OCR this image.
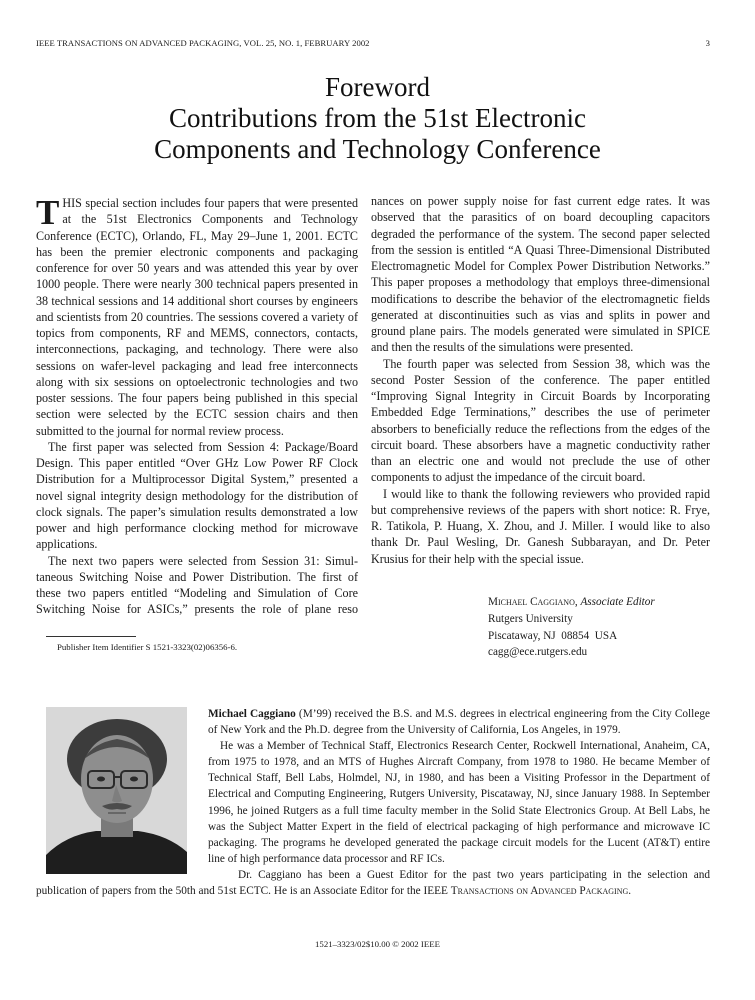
IEEE TRANSACTIONS ON ADVANCED PACKAGING, VOL. 25, NO. 1, FEBRUARY 2002	3
Foreword
Contributions from the 51st Electronic
Components and Technology Conference

THIS special section includes four papers that were presented at the 51st Electronics Components and Technology Conference (ECTC), Orlando, FL, May 29–June 1, 2001. ECTC has been the premier electronic components and packaging conference for over 50 years and was attended this year by over 1000 people. There were nearly 300 technical papers presented in 38 technical sessions and 14 additional short courses by engineers and scientists from 20 countries. The sessions covered a variety of topics from components, RF and MEMS, connectors, contacts, interconnections, packaging, and technology. There were also sessions on wafer-level packaging and lead free interconnects along with six sessions on optoelectronic technologies and two poster sessions. The four papers being published in this special section were selected by the ECTC session chairs and then submitted to the journal for normal review process.

The first paper was selected from Session 4: Package/Board Design. This paper entitled “Over GHz Low Power RF Clock Distribution for a Multiprocessor Digital System,” presented a novel signal integrity design methodology for the distribution of clock signals. The paper’s simulation results demonstrated a low power and high performance clocking method for microwave applications.

The next two papers were selected from Session 31: Simultaneous Switching Noise and Power Distribution. The first of these two papers entitled “Modeling and Simulation of Core Switching Noise for ASICs,” presents the role of plane reso

nances on power supply noise for fast current edge rates. It was observed that the parasitics of on board decoupling capacitors degraded the performance of the system. The second paper selected from the session is entitled “A Quasi Three-Dimensional Distributed Electromagnetic Model for Complex Power Distribution Networks.” This paper proposes a methodology that employs three-dimensional modifications to describe the behavior of the electromagnetic fields generated at discontinuities such as vias and splits in power and ground plane pairs. The models generated were simulated in SPICE and then the results of the simulations were presented.

The fourth paper was selected from Session 38, which was the second Poster Session of the conference. The paper entitled “Improving Signal Integrity in Circuit Boards by Incorporating Embedded Edge Terminations,” describes the use of perimeter absorbers to beneficially reduce the reflections from the edges of the circuit board. These absorbers have a magnetic conductivity rather than an electric one and would not preclude the use of other components to adjust the impedance of the circuit board.

I would like to thank the following reviewers who provided rapid but comprehensive reviews of the papers with short notice: R. Frye, R. Tatikola, P. Huang, X. Zhou, and J. Miller. I would like to also thank Dr. Paul Wesling, Dr. Ganesh Subbarayan, and Dr. Peter Krusius for their help with the special issue.

Michael Caggiano, Associate Editor
Rutgers University
Piscataway, NJ  08854  USA
cagg@ece.rutgers.edu
Publisher Item Identifier S 1521-3323(02)06356-6.

Michael Caggiano (M’99) received the B.S. and M.S. degrees in electrical engineering from the City College of New York and the Ph.D. degree from the University of California, Los Angeles, in 1979.

He was a Member of Technical Staff, Electronics Research Center, Rockwell International, Anaheim, CA, from 1975 to 1978, and an MTS of Hughes Aircraft Company, from 1978 to 1980. He became Member of Technical Staff, Bell Labs, Holmdel, NJ, in 1980, and has been a Visiting Professor in the Department of Electrical and Computing Engineering, Rutgers University, Piscataway, NJ, since January 1988. In September 1996, he joined Rutgers as a full time faculty member in the Solid State Electronics Group. At Bell Labs, he was the Subject Matter Expert in the field of electrical packaging of high performance and microwave IC packaging. The programs he developed generated the package circuit models for the Lucent (AT&T) entire line of high performance data processor and RF ICs.

Dr. Caggiano has been a Guest Editor for the past two years participating in the selection and publication of papers from the 50th and 51st ECTC. He is an Associate Editor for the IEEE Transactions on Advanced Packaging.

1521–3323/02$10.00 © 2002 IEEE
